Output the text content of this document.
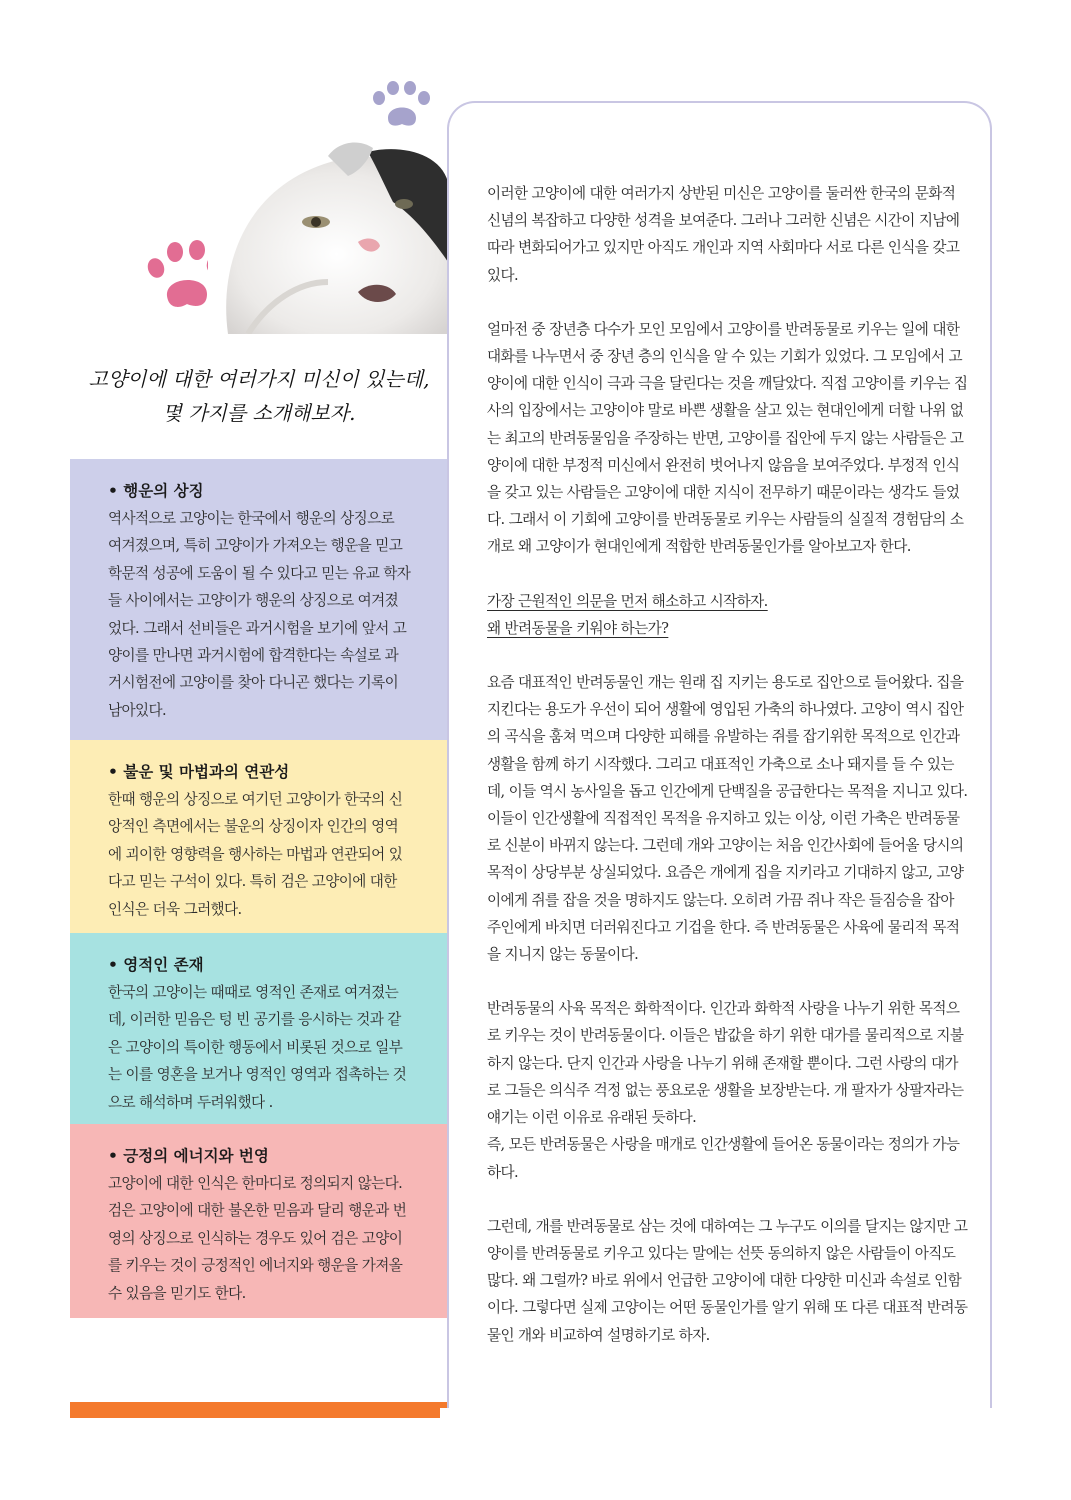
고양이에 대한 여러가지 미신이 있는데,
몇 가지를 소개해보자.
• 행운의 상징
역사적으로 고양이는 한국에서 행운의 상징으로 여겨졌으며, 특히 고양이가 가져오는 행운을 믿고 학문적 성공에 도움이 될 수 있다고 믿는 유교 학자들 사이에서는 고양이가 행운의 상징으로 여겨졌었다. 그래서 선비들은 과거시험을 보기에 앞서 고양이를 만나면 과거시험에 합격한다는 속설로 과거시험전에 고양이를 찾아 다니곤 했다는 기록이 남아있다.
• 불운 및 마법과의 연관성
한때 행운의 상징으로 여기던 고양이가 한국의 신앙적인 측면에서는 불운의 상징이자 인간의 영역에 괴이한 영향력을 행사하는 마법과 연관되어 있다고 믿는 구석이 있다. 특히 검은 고양이에 대한 인식은 더욱 그러했다.
• 영적인 존재
한국의 고양이는 때때로 영적인 존재로 여겨졌는데, 이러한 믿음은 텅 빈 공기를 응시하는 것과 같은 고양이의 특이한 행동에서 비롯된 것으로 일부는 이를 영혼을 보거나 영적인 영역과 접촉하는 것으로 해석하며 두려워했다 .
• 긍정의 에너지와 번영
고양이에 대한 인식은 한마디로 정의되지 않는다. 검은 고양이에 대한 불온한 믿음과 달리 행운과 번영의 상징으로 인식하는 경우도 있어 검은 고양이를 키우는 것이 긍정적인 에너지와 행운을 가져올 수 있음을 믿기도 한다.

이러한 고양이에 대한 여러가지 상반된 미신은 고양이를 둘러싼 한국의 문화적 신념의 복잡하고 다양한 성격을 보여준다. 그러나 그러한 신념은 시간이 지남에 따라 변화되어가고 있지만 아직도 개인과 지역 사회마다 서로 다른 인식을 갖고 있다.

얼마전 중 장년층 다수가 모인 모임에서 고양이를 반려동물로 키우는 일에 대한 대화를 나누면서 중 장년 층의 인식을 알 수 있는 기회가 있었다. 그 모임에서 고양이에 대한 인식이 극과 극을 달린다는 것을 깨달았다. 직접 고양이를 키우는 집사의 입장에서는 고양이야 말로 바쁜 생활을 살고 있는 현대인에게 더할 나위 없는 최고의 반려동물임을 주장하는 반면, 고양이를 집안에 두지 않는 사람들은 고양이에 대한 부정적 미신에서 완전히 벗어나지 않음을 보여주었다. 부정적 인식을 갖고 있는 사람들은 고양이에 대한 지식이 전무하기 때문이라는 생각도 들었다. 그래서 이 기회에 고양이를 반려동물로 키우는 사람들의 실질적 경험담의 소개로 왜 고양이가 현대인에게 적합한 반려동물인가를 알아보고자 한다.

가장 근원적인 의문을 먼저 해소하고 시작하자.
왜 반려동물을 키워야 하는가?

요즘 대표적인 반려동물인 개는 원래 집 지키는 용도로 집안으로 들어왔다. 집을 지킨다는 용도가 우선이 되어 생활에 영입된 가축의 하나였다. 고양이 역시 집안의 곡식을 훔쳐 먹으며 다양한 피해를 유발하는 쥐를 잡기위한 목적으로 인간과 생활을 함께 하기 시작했다. 그리고 대표적인 가축으로 소나 돼지를 들 수 있는데, 이들 역시 농사일을 돕고 인간에게 단백질을 공급한다는 목적을 지니고 있다. 이들이 인간생활에 직접적인 목적을 유지하고 있는 이상, 이런 가축은 반려동물로 신분이 바뀌지 않는다. 그런데 개와 고양이는 처음 인간사회에 들어올 당시의 목적이 상당부분 상실되었다. 요즘은 개에게 집을 지키라고 기대하지 않고, 고양이에게 쥐를 잡을 것을 명하지도 않는다. 오히려 가끔 쥐나 작은 들짐승을 잡아 주인에게 바치면 더러워진다고 기겁을 한다. 즉 반려동물은 사육에 물리적 목적을 지니지 않는 동물이다.

반려동물의 사육 목적은 화학적이다. 인간과 화학적 사랑을 나누기 위한 목적으로 키우는 것이 반려동물이다. 이들은 밥값을 하기 위한 대가를 물리적으로 지불하지 않는다. 단지 인간과 사랑을 나누기 위해 존재할 뿐이다. 그런 사랑의 대가로 그들은 의식주 걱정 없는 풍요로운 생활을 보장받는다. 개 팔자가 상팔자라는 얘기는 이런 이유로 유래된 듯하다.

즉, 모든 반려동물은 사랑을 매개로 인간생활에 들어온 동물이라는 정의가 가능하다.

그런데, 개를 반려동물로 삼는 것에 대하여는 그 누구도 이의를 달지는 않지만 고양이를 반려동물로 키우고 있다는 말에는 선뜻 동의하지 않은 사람들이 아직도 많다. 왜 그럴까? 바로 위에서 언급한 고양이에 대한 다양한 미신과 속설로 인함이다. 그렇다면 실제 고양이는 어떤 동물인가를 알기 위해 또 다른 대표적 반려동물인 개와 비교하여 설명하기로 하자.
